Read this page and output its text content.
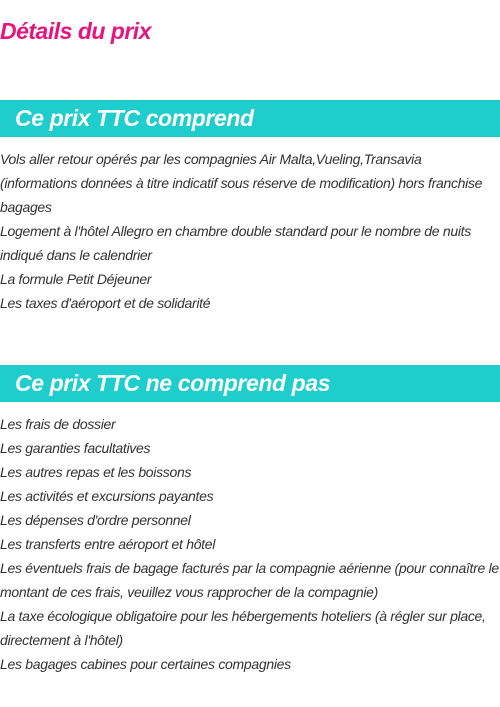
Détails du prix
Ce prix TTC comprend
Vols aller retour opérés par les compagnies Air Malta,Vueling,Transavia (informations données à titre indicatif sous réserve de modification) hors franchise bagages
Logement à l'hôtel Allegro en chambre double standard pour le nombre de nuits indiqué dans le calendrier
La formule Petit Déjeuner
Les taxes d'aéroport et de solidarité
Ce prix TTC ne comprend pas
Les frais de dossier
Les garanties facultatives
Les autres repas et les boissons
Les activités et excursions payantes
Les dépenses d'ordre personnel
Les transferts entre aéroport et hôtel
Les éventuels frais de bagage facturés par la compagnie aérienne (pour connaître le montant de ces frais, veuillez vous rapprocher de la compagnie)
La taxe écologique obligatoire pour les hébergements hoteliers (à régler sur place, directement à l'hôtel)
Les bagages cabines pour certaines compagnies
